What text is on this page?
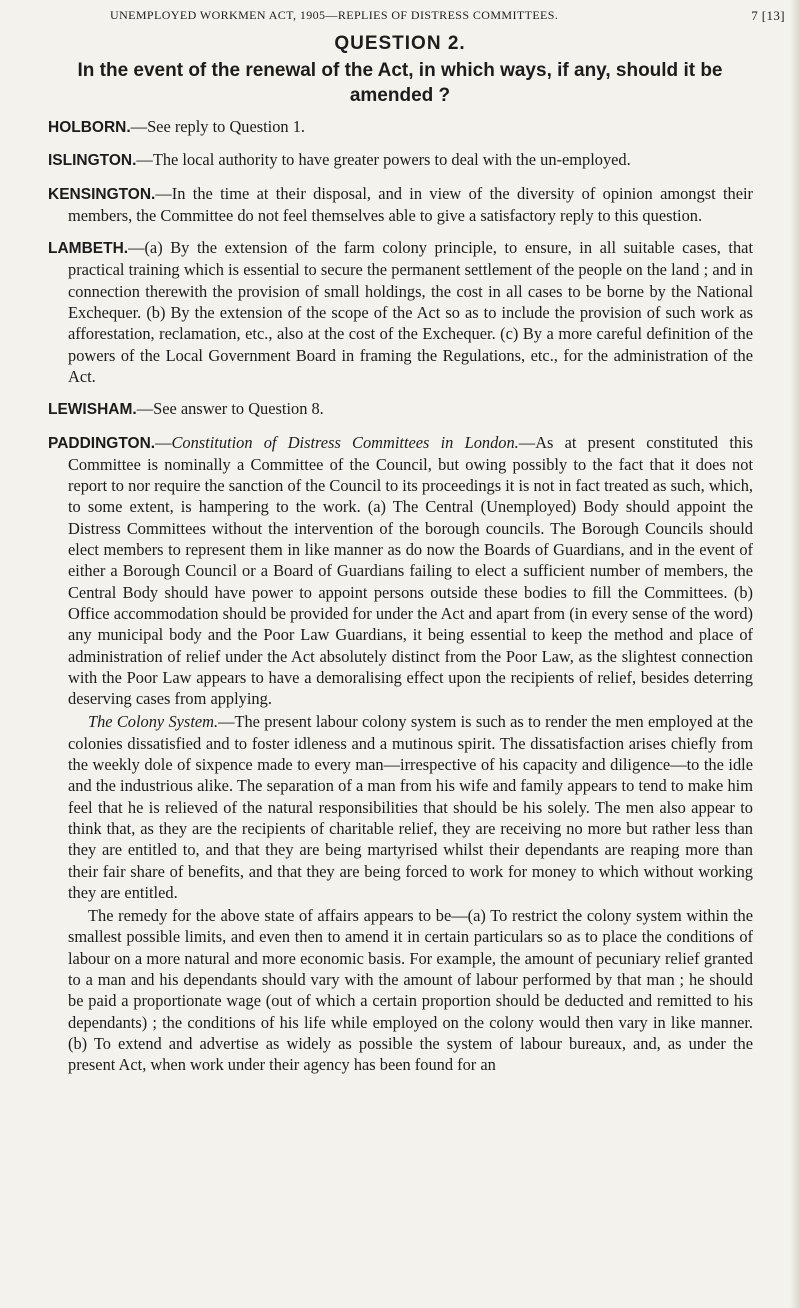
UNEMPLOYED WORKMEN ACT, 1905—REPLIES OF DISTRESS COMMITTEES.	7 [13]
QUESTION 2.
In the event of the renewal of the Act, in which ways, if any, should it be amended ?

HOLBORN.—See reply to Question 1.

ISLINGTON.—The local authority to have greater powers to deal with the un-employed.

KENSINGTON.—In the time at their disposal, and in view of the diversity of opinion amongst their members, the Committee do not feel themselves able to give a satisfactory reply to this question.

LAMBETH.—(a) By the extension of the farm colony principle, to ensure, in all suitable cases, that practical training which is essential to secure the permanent settlement of the people on the land ; and in connection therewith the provision of small holdings, the cost in all cases to be borne by the National Exchequer. (b) By the extension of the scope of the Act so as to include the provision of such work as afforestation, reclamation, etc., also at the cost of the Exchequer. (c) By a more careful definition of the powers of the Local Government Board in framing the Regulations, etc., for the administration of the Act.

LEWISHAM.—See answer to Question 8.

PADDINGTON.—Constitution of Distress Committees in London.—As at present constituted this Committee is nominally a Committee of the Council, but owing possibly to the fact that it does not report to nor require the sanction of the Council to its proceedings it is not in fact treated as such, which, to some extent, is hampering to the work. (a) The Central (Unemployed) Body should appoint the Distress Committees without the intervention of the borough councils. The Borough Councils should elect members to represent them in like manner as do now the Boards of Guardians, and in the event of either a Borough Council or a Board of Guardians failing to elect a sufficient number of members, the Central Body should have power to appoint persons outside these bodies to fill the Committees. (b) Office accommodation should be provided for under the Act and apart from (in every sense of the word) any municipal body and the Poor Law Guardians, it being essential to keep the method and place of administration of relief under the Act absolutely distinct from the Poor Law, as the slightest connection with the Poor Law appears to have a demoralising effect upon the recipients of relief, besides deterring deserving cases from applying.

The Colony System.—The present labour colony system is such as to render the men employed at the colonies dissatisfied and to foster idleness and a mutinous spirit. The dissatisfaction arises chiefly from the weekly dole of sixpence made to every man—irrespective of his capacity and diligence—to the idle and the industrious alike. The separation of a man from his wife and family appears to tend to make him feel that he is relieved of the natural responsibilities that should be his solely. The men also appear to think that, as they are the recipients of charitable relief, they are receiving no more but rather less than they are entitled to, and that they are being martyrised whilst their dependants are reaping more than their fair share of benefits, and that they are being forced to work for money to which without working they are entitled.

The remedy for the above state of affairs appears to be—(a) To restrict the colony system within the smallest possible limits, and even then to amend it in certain particulars so as to place the conditions of labour on a more natural and more economic basis. For example, the amount of pecuniary relief granted to a man and his dependants should vary with the amount of labour performed by that man ; he should be paid a proportionate wage (out of which a certain proportion should be deducted and remitted to his dependants) ; the conditions of his life while employed on the colony would then vary in like manner. (b) To extend and advertise as widely as possible the system of labour bureaux, and, as under the present Act, when work under their agency has been found for an
